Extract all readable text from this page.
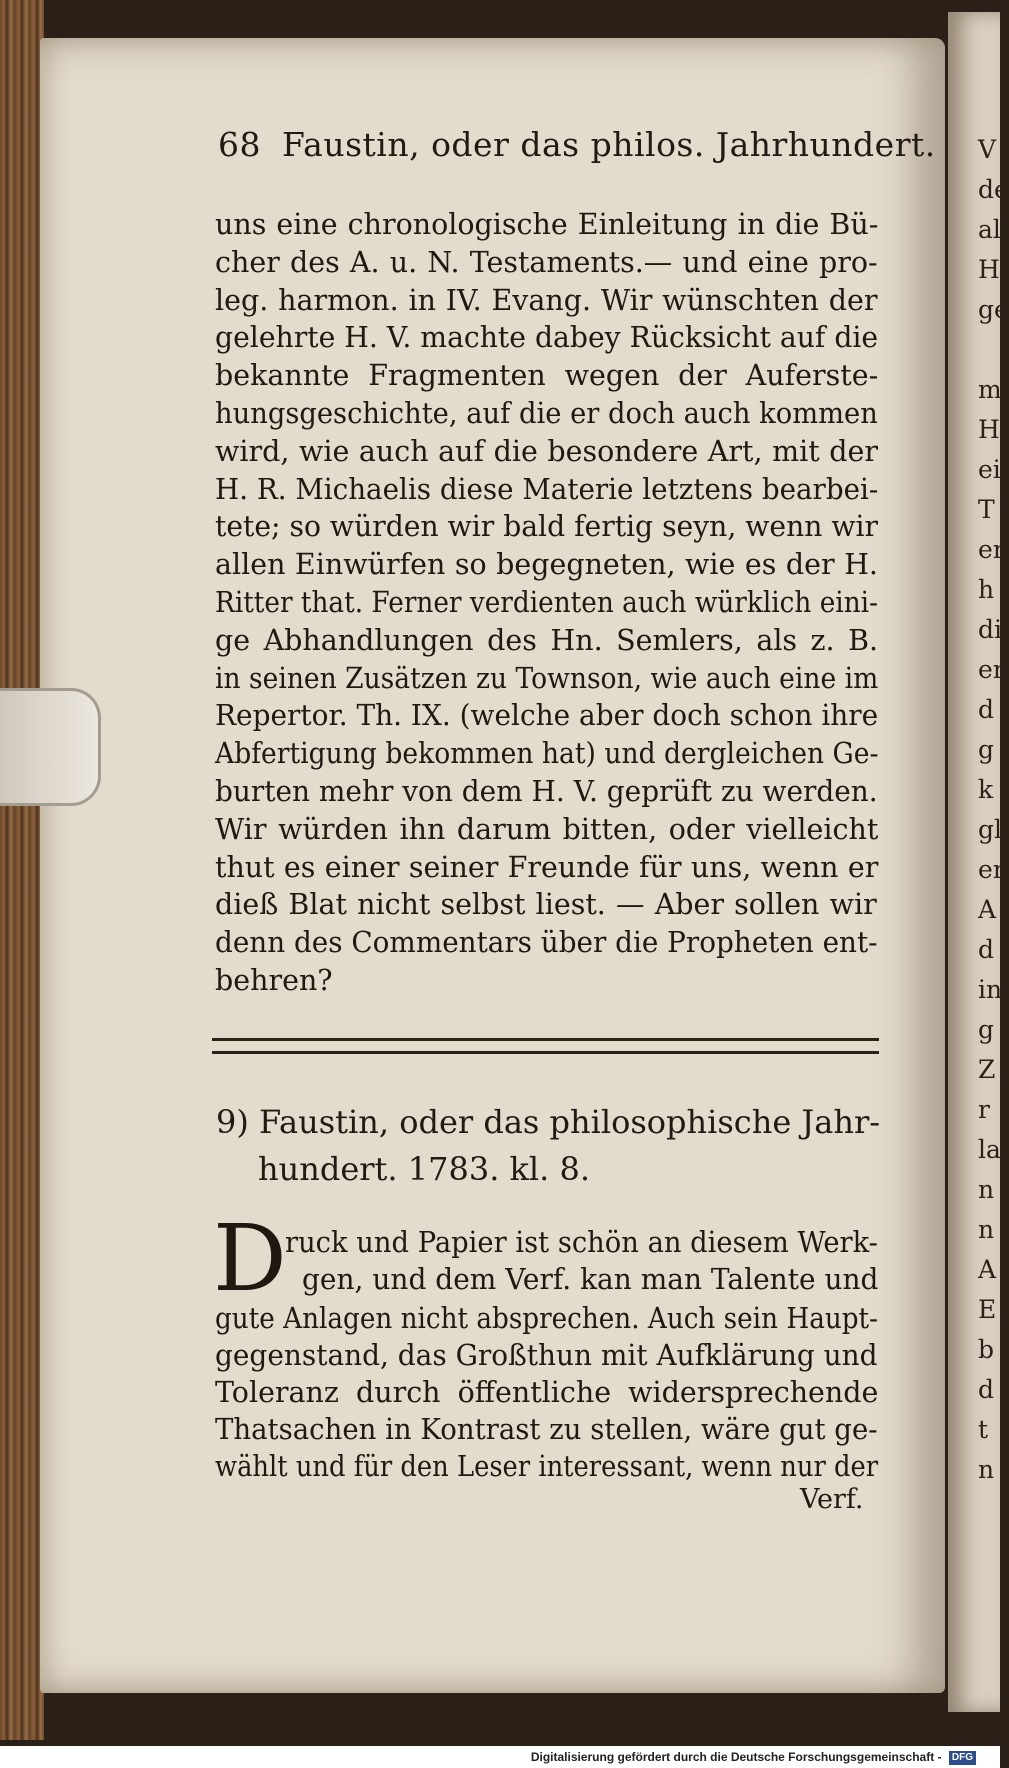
V
de
al
H
ge
m
H
ei
T
er
h
di
er
d
g
k
gl
er
A
d
in
g
Z
r
la
n
n
A
E
b
d
t
n
68 Faustin, oder das philos. Jahrhundert.
uns eine chronologische Einleitung in die Bü-
cher des A. u. N. Testaments.— und eine pro-
leg. harmon. in IV. Evang. Wir wünschten der
gelehrte H. V. machte dabey Rücksicht auf die
bekannte Fragmenten wegen der Auferste-
hungsgeschichte, auf die er doch auch kommen
wird, wie auch auf die besondere Art, mit der
H. R. Michaelis diese Materie letztens bearbei-
tete; so würden wir bald fertig seyn, wenn wir
allen Einwürfen so begegneten, wie es der H.
Ritter that. Ferner verdienten auch würklich eini-
ge Abhandlungen des Hn. Semlers, als z. B.
in seinen Zusätzen zu Townson, wie auch eine im
Repertor. Th. IX. (welche aber doch schon ihre
Abfertigung bekommen hat) und dergleichen Ge-
burten mehr von dem H. V. geprüft zu werden.
Wir würden ihn darum bitten, oder vielleicht
thut es einer seiner Freunde für uns, wenn er
dieß Blat nicht selbst liest. — Aber sollen wir
denn des Commentars über die Propheten ent-
behren?
9) Faustin, oder das philosophische Jahr-
hundert. 1783. kl. 8.
D
ruck und Papier ist schön an diesem Werk-
gen, und dem Verf. kan man Talente und
gute Anlagen nicht absprechen. Auch sein Haupt-
gegenstand, das Großthun mit Aufklärung und
Toleranz durch öffentliche widersprechende
Thatsachen in Kontrast zu stellen, wäre gut ge-
wählt und für den Leser interessant, wenn nur der
Verf.
Digitalisierung gefördert durch die Deutsche Forschungsgemeinschaft - DFG
